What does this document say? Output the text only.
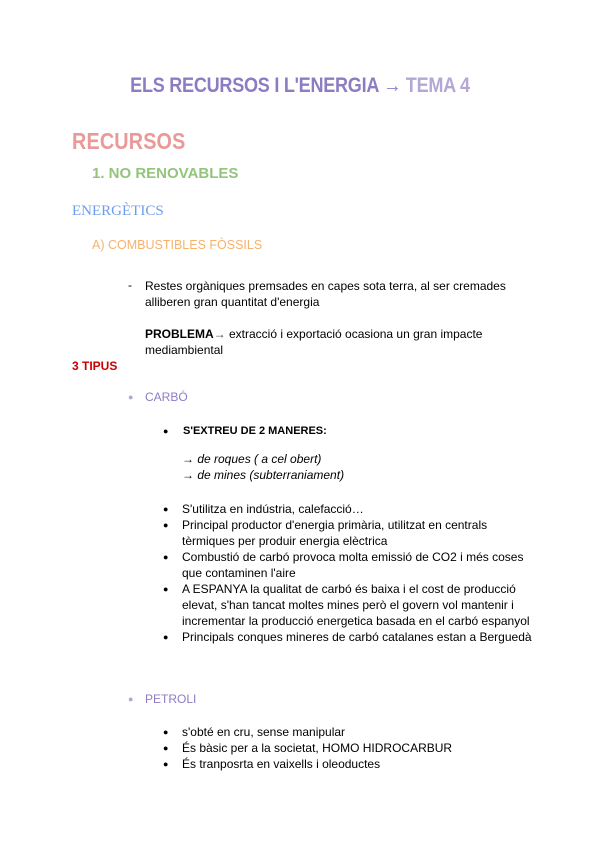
ELS RECURSOS I L'ENERGIA → TEMA 4
RECURSOS
1. NO RENOVABLES
ENERGÈTICS
A) COMBUSTIBLES FÒSSILS
- Restes orgàniques premsades en capes sota terra, al ser cremades alliberen gran quantitat d'energia
PROBLEMA→ extracció i exportació ocasiona un gran impacte mediambiental
3 TIPUS
● CARBÓ
● S'EXTREU DE 2 MANERES:
→ de roques ( a cel obert)
→ de mines (subterraniament)
● S'utilitza en indústria, calefacció…
● Principal productor d'energia primària, utilitzat en centrals tèrmiques per produir energia elèctrica
● Combustió de carbó provoca molta emissió de CO2 i més coses que contaminen l'aire
● A ESPANYA la qualitat de carbó és baixa i el cost de producció elevat, s'han tancat moltes mines però el govern vol mantenir i incrementar la producció energetica basada en el carbó espanyol
● Principals conques mineres de carbó catalanes estan a Berguedà
● PETROLI
● s'obté en cru, sense manipular
● És bàsic per a la societat, HOMO HIDROCARBUR
● És tranposrta en vaixells i oleoductes
